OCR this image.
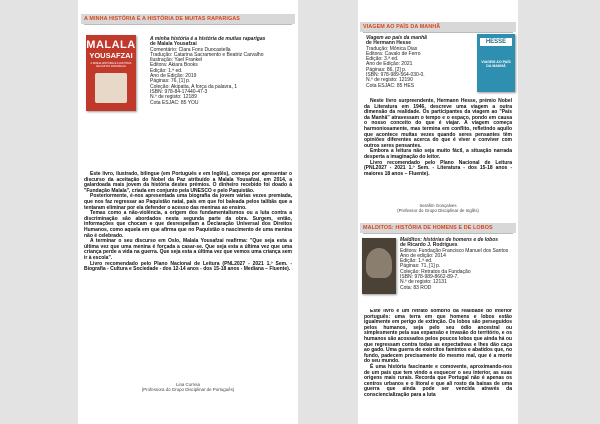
A MINHA HISTÓRIA É A HISTÓRIA DE MUITAS RAPARIGAS
MALALA
YOUSAFZAI
A MINHA HISTÓRIA É A HISTÓRIA DE MUITAS RAPARIGAS
A minha história é a história de muitas raparigas
de Malala Yousafzai
Comentário: Clara Fons Duocastella
Tradução: Catarina Sacramento e Beatriz Carvalho
Ilustração: Yael Frankel
Editora: Akiara Books
Edição: 1.ª ed.
Ano de Edição: 2019
Páginas: 76, [1] p.
Coleção: Akipatia, A força da palavra, 1
ISBN: 978-84-17440-47-3
N.º de registo: 12189
Cota ESJAC: 85 YOU

Este livro, ilustrado, bilingue (em Português e em Inglês), começa por apresentar o discurso da aceitação do Nobel da Paz atribuído a Malala Yousafzai, em 2014, a galardoada mais jovem da história destes prémios. O dinheiro recebido foi doado à "Fundação Malala", criada em conjunto pela UNESCO e pelo Paquistão.

Posteriormente, é-nos apresentada uma biografia da jovem várias vezes premiada, que nos faz regressar ao Paquistão natal, país em que foi baleada pelos talibãs que a tentaram eliminar por ela defender o acesso das meninas ao ensino.

Temas como a não-violência, a origem dos fundamentalismos ou a luta contra a discriminação são abordados nesta segunda parte da obra. Surgem, então, informações que chocam e que desrespeitam a Declaração Universal dos Direitos Humanos, como aquela em que afirma que no Paquistão o nascimento de uma menina não é celebrado.

A terminar o seu discurso em Oslo, Malala Yousafzai reafirma: "Que seja esta a última vez que uma menina é forçada a casar-se. Que seja esta a última vez que uma criança perde a vida na guerra. Que seja esta a última vez que vemos uma criança sem ir à escola".

Livro recomendado pelo Plano Nacional de Leitura (PNL2027 - 2021 1.º Sem. - Biografia - Cultura e Sociedade - dos 12-14 anos - dos 15-18 anos - Mediana – Fluente).

Lina Correia
(Professora do Grupo Disciplinar de Português)
VIAGEM AO PAÍS DA MANHÃ
Viagem ao país da manhã
de Hermann Hesse
Tradução: Mónica Dias
Editora: Cavalo de Ferro
Edição: 3.ª ed.
Ano de Edição: 2021
Páginas: 86, [2] p.
ISBN: 978-989-564-030-0.
N.º de registo: 12190
Cota ESJAC: 85 HES
HESSE
VIAGEM AO PAÍS DA MANHÃ

Neste livro surpreendente, Hermann Hesse, prémio Nobel da Literatura em 1946, descreve uma viagem a outra dimensão da realidade. Os participantes da viagem ao "País da Manhã" atravessam o tempo e o espaço, pondo em causa o nosso conceito do que é viajar. A viagem começa harmoniosamente, mas termina em conflito, refletindo aquilo que acontece muitas vezes quando seres pensantes têm opiniões diferentes acerca do que é viver e conviver com outros seres pensantes.

Embora a leitura não seja muito fácil, a situação narrada desperta a imaginação do leitor.

Livro recomendado pelo Plano Nacional de Leitura (PNL2027 - 2021 1.º Sem. - Literatura - dos 15-18 anos - maiores 18 anos – Fluente).

Serafim Gonçalves
(Professor do Grupo Disciplinar de Inglês)
MALDITOS: HISTÓRIA DE HOMENS E DE LOBOS
Malditos: histórias de homens e de lobos
de Ricardo J. Rodrigues
Editora: Fundação Francisco Manuel dos Santos
Ano de edição: 2014
Edição: 1.ª ed.
Páginas: 71, [1] p.
Coleção: Retratos da Fundação
ISBN: 978-989-8662-89-7.
N.º de registo: 12131
Cota: 83 ROD

Este livro é um retrato sombrio da realidade do interior português: uma terra em que homens e lobos estão igualmente em perigo de extinção. Os lobos são perseguidos pelos humanos, seja pelo seu ódio ancestral ou simplesmente pela sua expansão e invasão do território, e os humanos são acossados pelos poucos lobos que ainda há ou que regressam contra todas as expectativas e lhes dão caça ao gado. Uma guerra de exércitos famintos e abatidos que, no fundo, padecem precisamente do mesmo mal, que é a morte do seu mundo.

É uma história fascinante e comovente, aproximando-nos de um país que tem vindo a esquecer o seu interior, as suas origens mais rurais. Recorda que Portugal não é apenas os centros urbanos e o litoral e que ali rosto da baixas de uma guerra que ainda pode ser vencida através da consciencialização para a luta
